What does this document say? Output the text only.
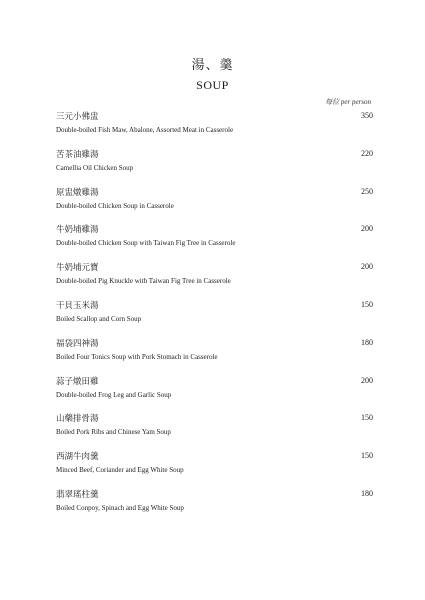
湯、羹
SOUP
每位 per person
三元小佛盅
Double-boiled Fish Maw, Abalone, Assorted Meat in Casserole
350
苦茶油雞湯
Camellia Oil Chicken Soup
220
原盅燉雞湯
Double-boiled Chicken Soup in Casserole
250
牛奶埔雞湯
Double-boiled Chicken Soup with Taiwan Fig Tree in Casserole
200
牛奶埔元寶
Double-boiled Pig Knuckle with Taiwan Fig Tree in Casserole
200
干貝玉米湯
Boiled Scallop and Corn Soup
150
福袋四神湯
Boiled Four Tonics Soup with Pork Stomach in Casserole
180
蒜子燉田雞
Double-boiled Frog Leg and Garlic Soup
200
山藥排骨湯
Boiled Pork Ribs and Chinese Yam Soup
150
西湖牛肉羹
Minced Beef, Coriander and Egg White Soup
150
翡翠瑤柱羹
Boiled Conpoy, Spinach and Egg White Soup
180
